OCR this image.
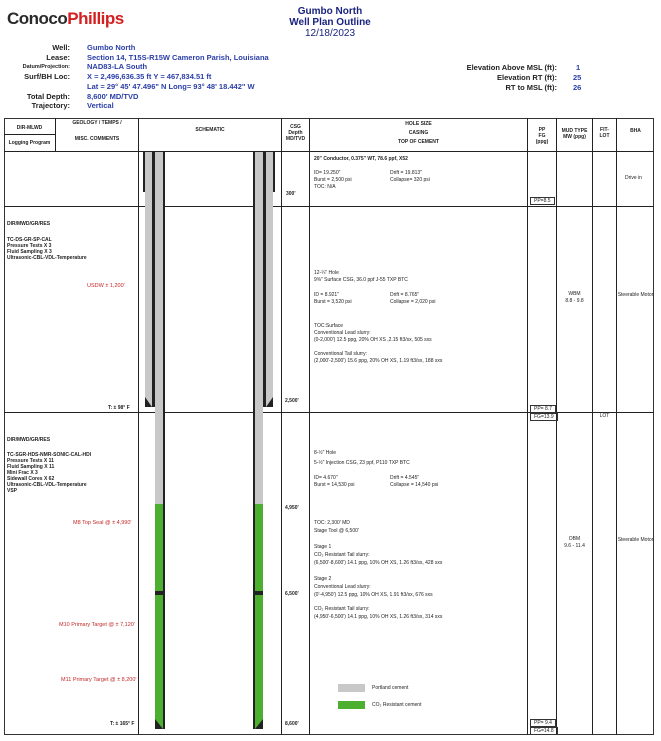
ConocoPhillips	Gumbo North
Well Plan Outline
12/18/2023
Well: Gumbo North
Lease: Section 14, T15S-R15W Cameron Parish, Louisiana
Datum/Projection: NAD83-LA South
Surf/BH Loc: X = 2,496,636.35 ft Y = 467,834.51 ft
Lat = 29° 45' 47.496" N Long= 93° 48' 18.442" W
Total Depth: 8,600' MD/TVD
Trajectory: Vertical
Elevation Above MSL (ft):	1
Elevation RT (ft): 25
RT to MSL (ft): 26
DIR-MLWD
Logging Program
GEOLOGY / TEMPS /
MISC. COMMENTS
SCHEMATIC	CSG
Depth
MD/TVD
HOLE SIZE
CASING
TOP OF CEMENT
PP
FG
(ppg)
MUD TYPE
MW (ppg)
FIT-
LOT
BHA
300'
20" Conductor, 0.375" WT, 78.6 ppf, X52
ID= 19.250"	Drift = 19.813"
Burst = 2,500 psi	Collapse= 320 psi
TOC: N/A
PP=8.5
Drive in
DIR/MWD/GR/RES
TC-DS-GR-SP-CAL
Pressure Tests X 3
Fluid Sampling X 3
Ultrasonic-CBL-VDL-Temperature
USDW ± 1,200'
T: ± 98° F
2,500'
12-¼" Hole
9⅝" Surface CSG, 36.0 ppf J-55 TXP BTC
ID = 8.921"	Drift = 8.765"
Burst = 3,520 psi	Collapse = 2,020 psi
TOC:Surface
Conventional Lead slurry:
(0-2,000') 12.5 ppg, 20% OH XS ,2.15 ft3/sx, 505 sxs
Conventional Tail slurry:
(2,000'-2,500') 15.6 ppg, 20% OH XS, 1.19 ft3/sx, 188 sxs
WBM
8.8 - 9.8
Steerable Motor
PP= 8.7
FG=13.9
DIR/MWD/GR/RES
TC-SGR-HDS-NMR-SONIC-CAL-HDI
Pressure Tests X 11
Fluid Sampling X 11
Mini Frac X 3
Sidewall Cores X 62
Ultrasonic-CBL-VDL-Temperature
VSP
4,950'
M8 Top Seal @ ± 4,990'
6,500'
M10 Primary Target @ ± 7,120'
M11 Primary Target @ ± 8,200'
T: ± 165° F	8,600'
8-½" Hole
5-½" Injection CSG, 23 ppf, P110 TXP BTC
ID= 4.670"	Drift = 4.545"
Burst = 14,530 psi	Collapse = 14,540 psi
TOC: 2,300' MD
Stage Tool @ 6,500'
Stage 1
CO₂ Resistant Tail slurry:
(6,500'-8,600') 14.1 ppg, 10% OH XS, 1.26 ft3/sx, 428 sxs
Stage 2
Conventional Lead slurry:
(0'-4,950') 12.5 ppg, 10% OH XS, 1.91 ft3/sx, 676 sxs
CO₂ Resistant Tail slurry:
(4,950'-6,500') 14.1 ppg, 10% OH XS, 1.26 ft3/sx, 314 sxs
OBM
9.6 - 11.4
LOT
Steerable Motor
PP= 9.4
FG=14.8
Portland cement
CO₂ Resistant cement
